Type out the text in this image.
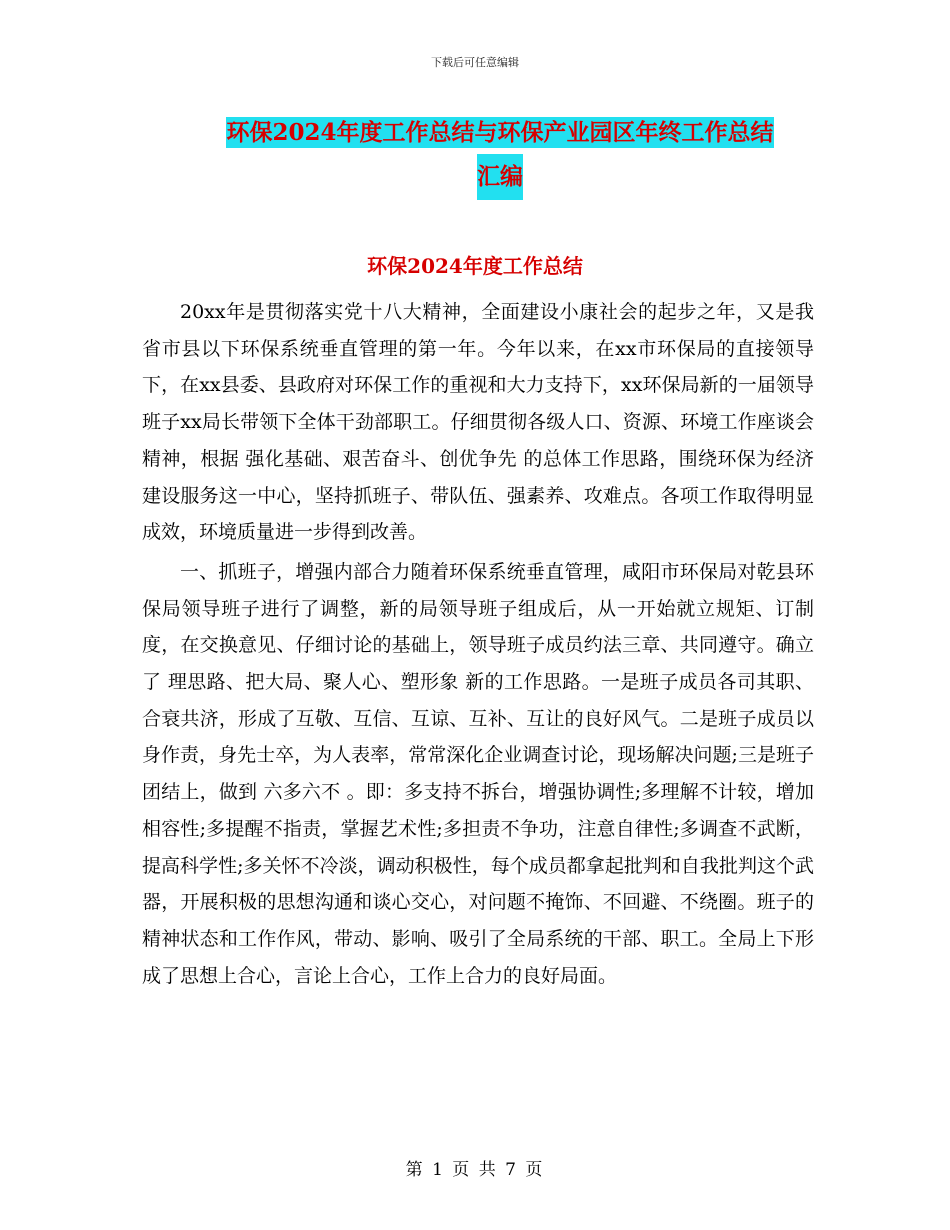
下载后可任意编辑
环保2024年度工作总结与环保产业园区年终工作总结
汇编
环保2024年度工作总结

20xx年是贯彻落实党十八大精神，全面建设小康社会的起步之年，又是我省市县以下环保系统垂直管理的第一年。今年以来，在xx市环保局的直接领导下，在xx县委、县政府对环保工作的重视和大力支持下，xx环保局新的一届领导班子xx局长带领下全体干劲部职工。仔细贯彻各级人口、资源、环境工作座谈会精神，根据 强化基础、艰苦奋斗、创优争先 的总体工作思路，围绕环保为经济建设服务这一中心，坚持抓班子、带队伍、强素养、攻难点。各项工作取得明显成效，环境质量进一步得到改善。

一、抓班子，增强内部合力随着环保系统垂直管理，咸阳市环保局对乾县环保局领导班子进行了调整，新的局领导班子组成后，从一开始就立规矩、订制度，在交换意见、仔细讨论的基础上，领导班子成员约法三章、共同遵守。确立了 理思路、把大局、聚人心、塑形象 新的工作思路。一是班子成员各司其职、合衰共济，形成了互敬、互信、互谅、互补、互让的良好风气。二是班子成员以身作责，身先士卒，为人表率，常常深化企业调查讨论，现场解决问题;三是班子团结上，做到 六多六不 。即：多支持不拆台，增强协调性;多理解不计较，增加相容性;多提醒不指责，掌握艺术性;多担责不争功，注意自律性;多调查不武断，提高科学性;多关怀不冷淡，调动积极性，每个成员都拿起批判和自我批判这个武器，开展积极的思想沟通和谈心交心，对问题不掩饰、不回避、不绕圈。班子的精神状态和工作作风，带动、影响、吸引了全局系统的干部、职工。全局上下形成了思想上合心，言论上合心，工作上合力的良好局面。

第 1 页 共 7 页
